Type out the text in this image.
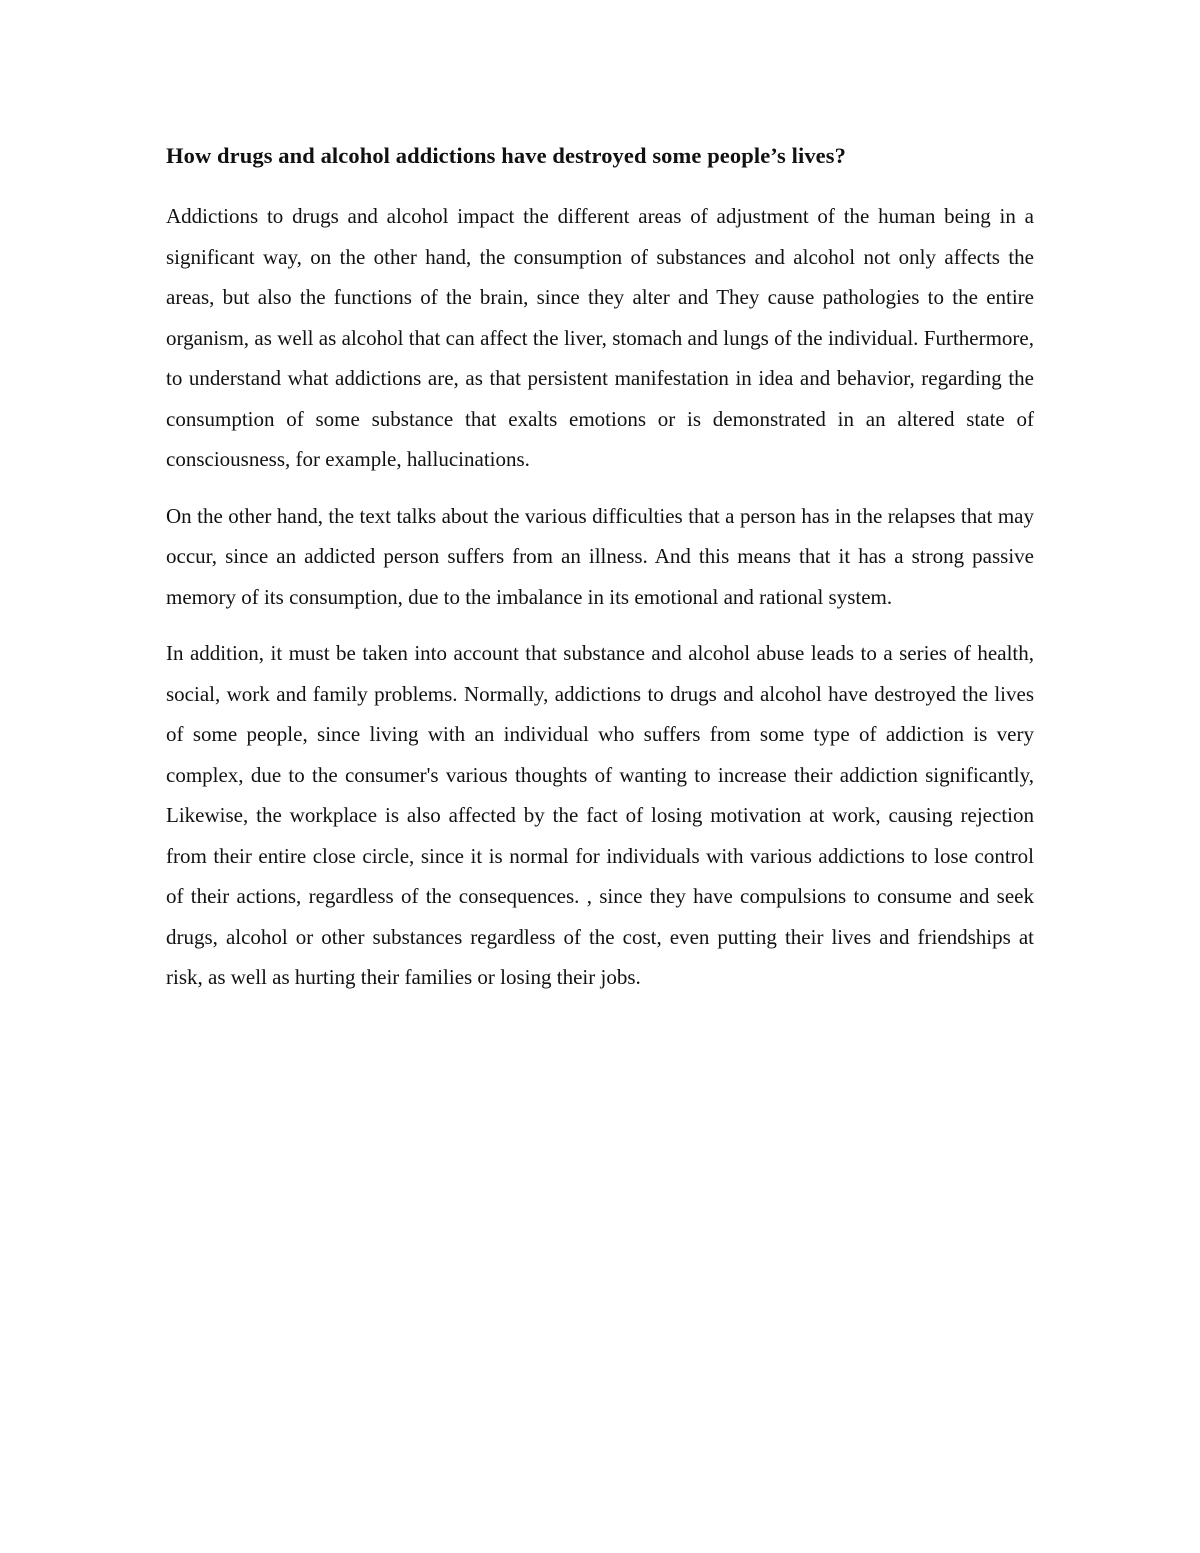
How drugs and alcohol addictions have destroyed some people’s lives?

Addictions to drugs and alcohol impact the different areas of adjustment of the human being in a significant way, on the other hand, the consumption of substances and alcohol not only affects the areas, but also the functions of the brain, since they alter and They cause pathologies to the entire organism, as well as alcohol that can affect the liver, stomach and lungs of the individual. Furthermore, to understand what addictions are, as that persistent manifestation in idea and behavior, regarding the consumption of some substance that exalts emotions or is demonstrated in an altered state of consciousness, for example, hallucinations.

On the other hand, the text talks about the various difficulties that a person has in the relapses that may occur, since an addicted person suffers from an illness. And this means that it has a strong passive memory of its consumption, due to the imbalance in its emotional and rational system.

In addition, it must be taken into account that substance and alcohol abuse leads to a series of health, social, work and family problems. Normally, addictions to drugs and alcohol have destroyed the lives of some people, since living with an individual who suffers from some type of addiction is very complex, due to the consumer's various thoughts of wanting to increase their addiction significantly, Likewise, the workplace is also affected by the fact of losing motivation at work, causing rejection from their entire close circle, since it is normal for individuals with various addictions to lose control of their actions, regardless of the consequences. , since they have compulsions to consume and seek drugs, alcohol or other substances regardless of the cost, even putting their lives and friendships at risk, as well as hurting their families or losing their jobs.
